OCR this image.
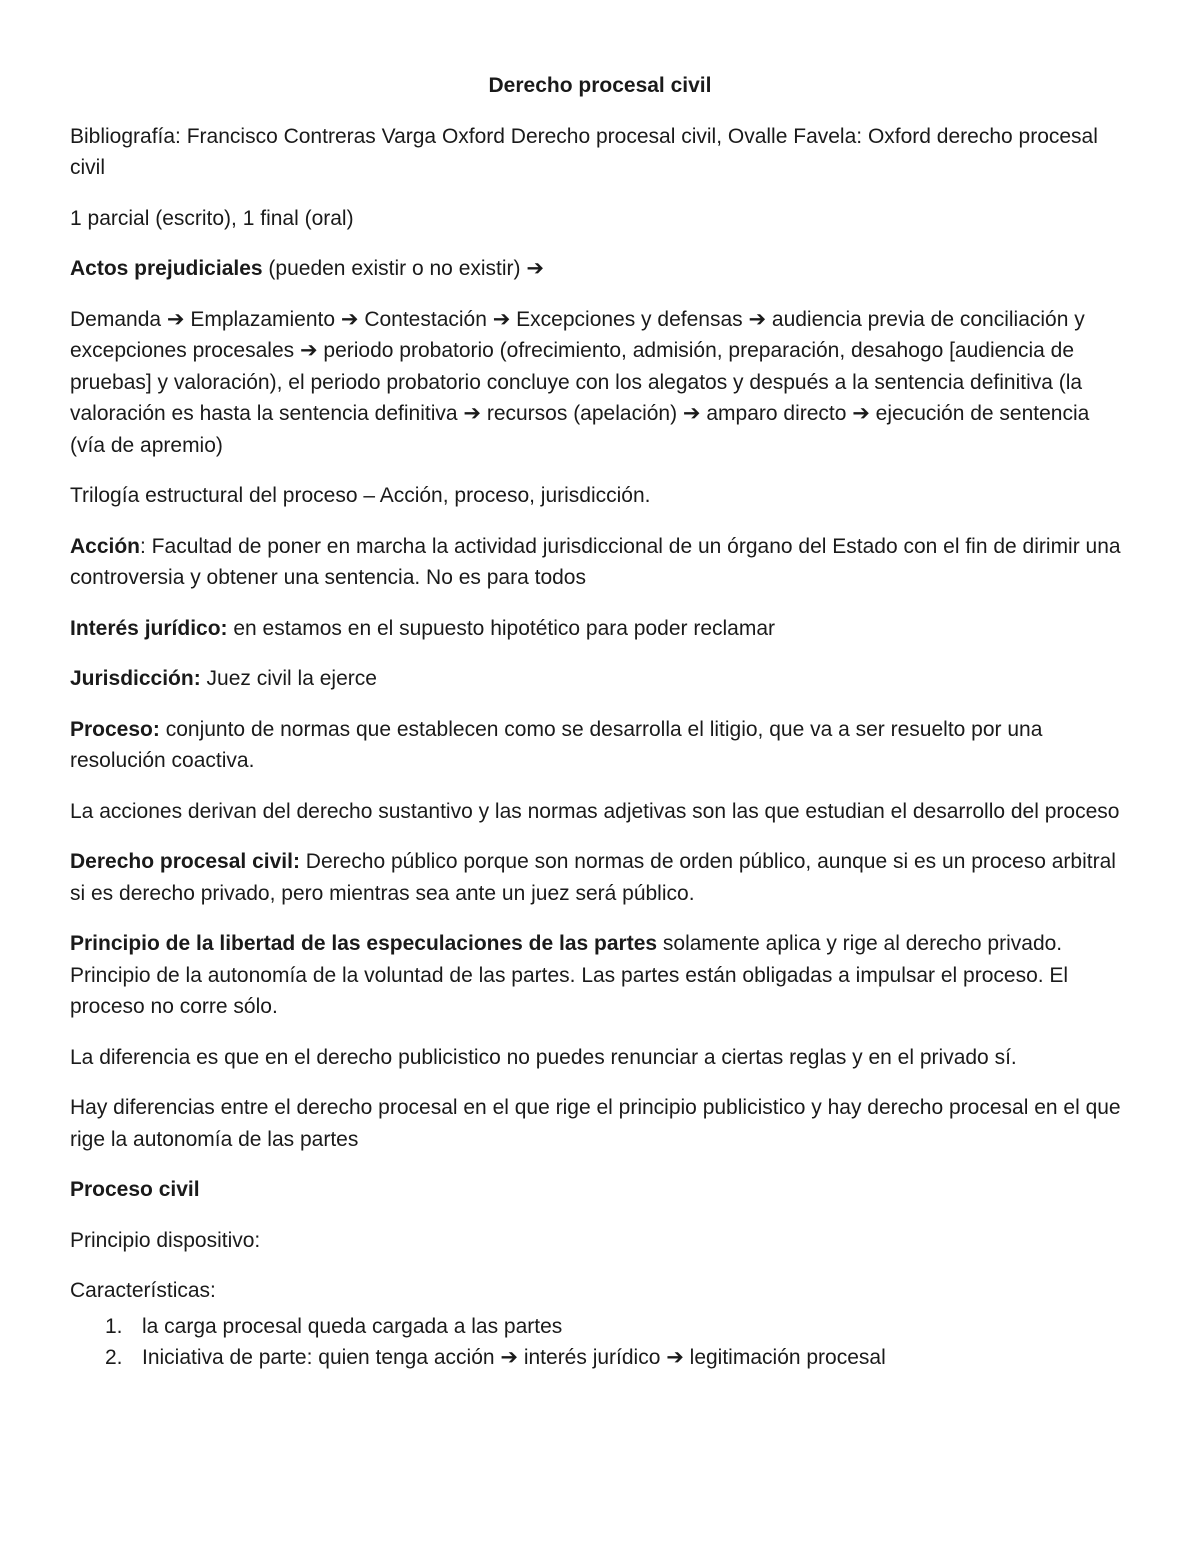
Derecho procesal civil

Bibliografía: Francisco Contreras Varga Oxford Derecho procesal civil, Ovalle Favela: Oxford derecho procesal civil

1 parcial (escrito), 1 final (oral)

Actos prejudiciales (pueden existir o no existir) ➔

Demanda ➔ Emplazamiento ➔ Contestación ➔ Excepciones y defensas ➔ audiencia previa de conciliación y excepciones procesales ➔ periodo probatorio (ofrecimiento, admisión, preparación, desahogo [audiencia de pruebas] y valoración), el periodo probatorio concluye con los alegatos y después a la sentencia definitiva (la valoración es hasta la sentencia definitiva ➔ recursos (apelación) ➔ amparo directo ➔ ejecución de sentencia (vía de apremio)

Trilogía estructural del proceso – Acción, proceso, jurisdicción.

Acción: Facultad de poner en marcha la actividad jurisdiccional de un órgano del Estado con el fin de dirimir una controversia y obtener una sentencia. No es para todos

Interés jurídico: en estamos en el supuesto hipotético para poder reclamar

Jurisdicción: Juez civil la ejerce

Proceso: conjunto de normas que establecen como se desarrolla el litigio, que va a ser resuelto por una resolución coactiva.

La acciones derivan del derecho sustantivo y las normas adjetivas son las que estudian el desarrollo del proceso

Derecho procesal civil: Derecho público porque son normas de orden público, aunque si es un proceso arbitral si es derecho privado, pero mientras sea ante un juez será público.

Principio de la libertad de las especulaciones de las partes solamente aplica y rige al derecho privado. Principio de la autonomía de la voluntad de las partes. Las partes están obligadas a impulsar el proceso. El proceso no corre sólo.

La diferencia es que en el derecho publicistico no puedes renunciar a ciertas reglas y en el privado sí.

Hay diferencias entre el derecho procesal en el que rige el principio publicistico y hay derecho procesal en el que rige la autonomía de las partes

Proceso civil

Principio dispositivo:

Características:

1. la carga procesal queda cargada a las partes
2. Iniciativa de parte: quien tenga acción ➔ interés jurídico ➔ legitimación procesal
